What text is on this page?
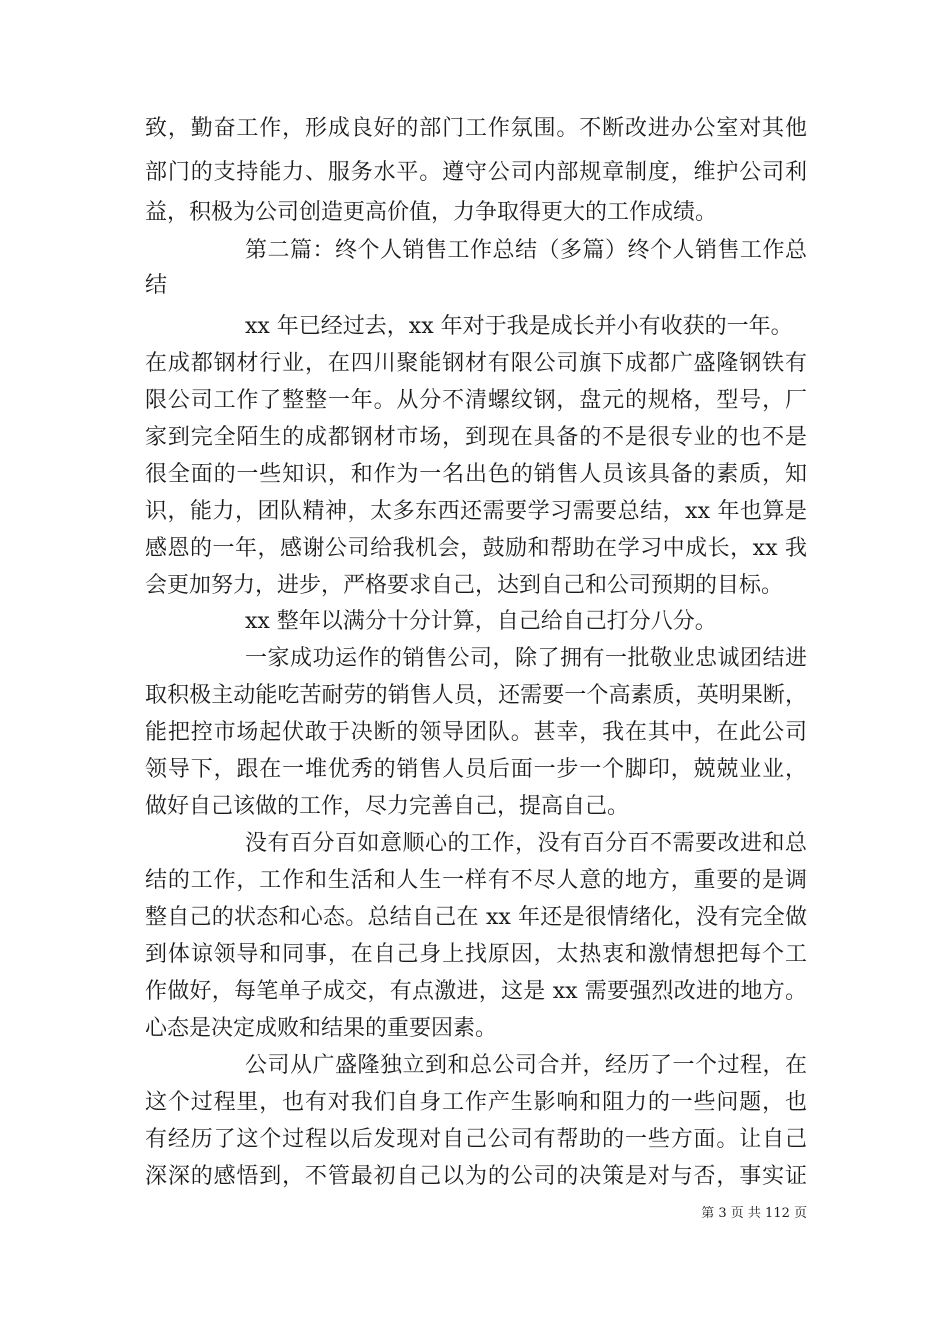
致，勤奋工作，形成良好的部门工作氛围。不断改进办公室对其他
部门的支持能力、服务水平。遵守公司内部规章制度，维护公司利
益，积极为公司创造更高价值，力争取得更大的工作成绩。
第二篇：终个人销售工作总结（多篇）终个人销售工作总
结
xx 年已经过去，xx 年对于我是成长并小有收获的一年。
在成都钢材行业，在四川聚能钢材有限公司旗下成都广盛隆钢铁有
限公司工作了整整一年。从分不清螺纹钢，盘元的规格，型号，厂
家到完全陌生的成都钢材市场，到现在具备的不是很专业的也不是
很全面的一些知识，和作为一名出色的销售人员该具备的素质，知
识，能力，团队精神，太多东西还需要学习需要总结，xx 年也算是
感恩的一年，感谢公司给我机会，鼓励和帮助在学习中成长，xx 我
会更加努力，进步，严格要求自己，达到自己和公司预期的目标。
xx 整年以满分十分计算，自己给自己打分八分。
一家成功运作的销售公司，除了拥有一批敬业忠诚团结进
取积极主动能吃苦耐劳的销售人员，还需要一个高素质，英明果断，
能把控市场起伏敢于决断的领导团队。甚幸，我在其中，在此公司
领导下，跟在一堆优秀的销售人员后面一步一个脚印，兢兢业业，
做好自己该做的工作，尽力完善自己，提高自己。
没有百分百如意顺心的工作，没有百分百不需要改进和总
结的工作，工作和生活和人生一样有不尽人意的地方，重要的是调
整自己的状态和心态。总结自己在 xx 年还是很情绪化，没有完全做
到体谅领导和同事，在自己身上找原因，太热衷和激情想把每个工
作做好，每笔单子成交，有点激进，这是 xx 需要强烈改进的地方。
心态是决定成败和结果的重要因素。
公司从广盛隆独立到和总公司合并，经历了一个过程，在
这个过程里，也有对我们自身工作产生影响和阻力的一些问题，也
有经历了这个过程以后发现对自己公司有帮助的一些方面。让自己
深深的感悟到，不管最初自己以为的公司的决策是对与否，事实证
第 3 页 共 112 页
